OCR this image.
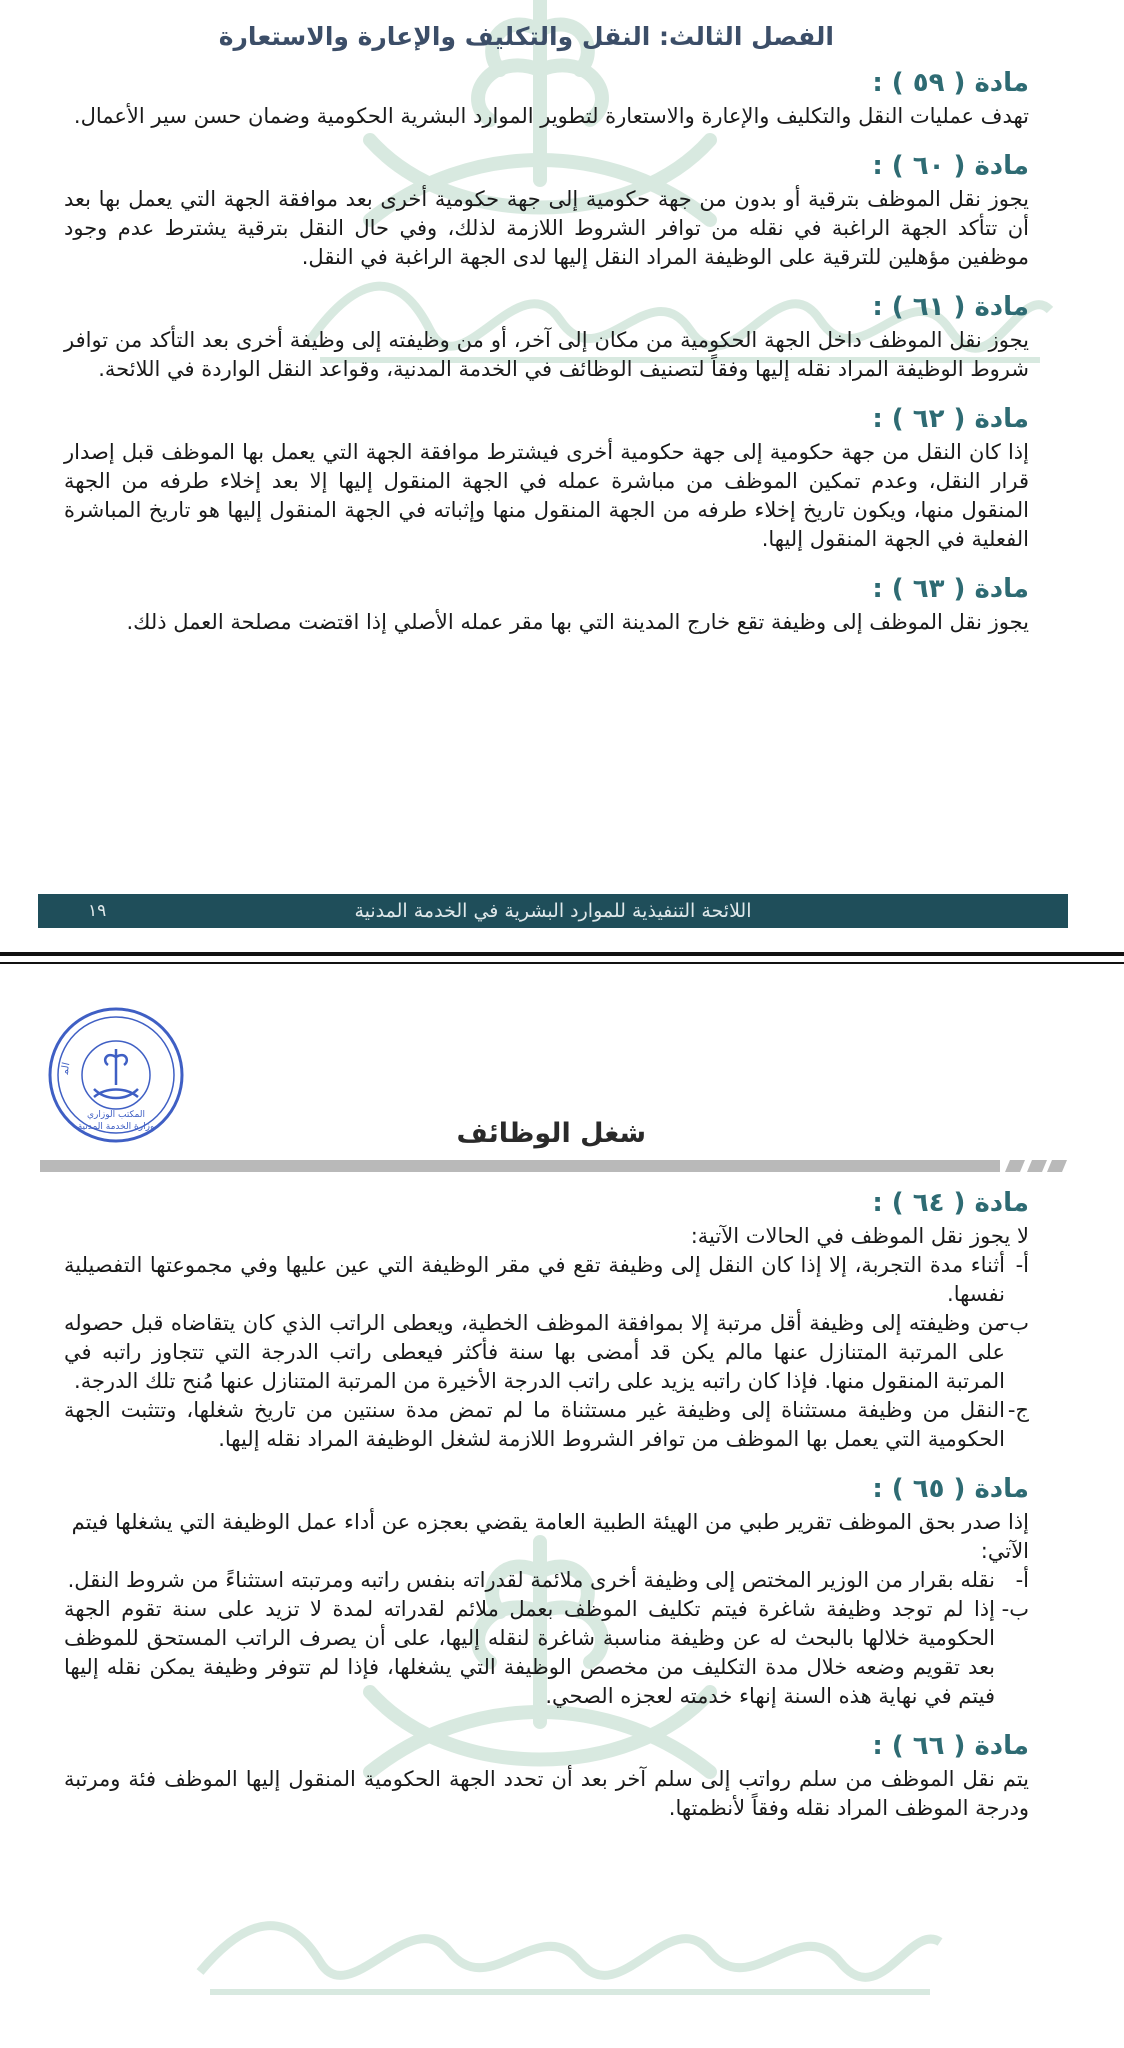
الفصل الثالث: النقل والتكليف والإعارة والاستعارة
مادة ( ٥٩ ) :

تهدف عمليات النقل والتكليف والإعارة والاستعارة لتطوير الموارد البشرية الحكومية وضمان حسن سير الأعمال.

مادة ( ٦٠ ) :

يجوز نقل الموظف بترقية أو بدون من جهة حكومية إلى جهة حكومية أخرى بعد موافقة الجهة التي يعمل بها بعد أن تتأكد الجهة الراغبة في نقله من توافر الشروط اللازمة لذلك، وفي حال النقل بترقية يشترط عدم وجود موظفين مؤهلين للترقية على الوظيفة المراد النقل إليها لدى الجهة الراغبة في النقل.

مادة ( ٦١ ) :

يجوز نقل الموظف داخل الجهة الحكومية من مكان إلى آخر، أو من وظيفته إلى وظيفة أخرى بعد التأكد من توافر شروط الوظيفة المراد نقله إليها وفقاً لتصنيف الوظائف في الخدمة المدنية، وقواعد النقل الواردة في اللائحة.

مادة ( ٦٢ ) :

إذا كان النقل من جهة حكومية إلى جهة حكومية أخرى فيشترط موافقة الجهة التي يعمل بها الموظف قبل إصدار قرار النقل، وعدم تمكين الموظف من مباشرة عمله في الجهة المنقول إليها إلا بعد إخلاء طرفه من الجهة المنقول منها، ويكون تاريخ إخلاء طرفه من الجهة المنقول منها وإثباته في الجهة المنقول إليها هو تاريخ المباشرة الفعلية في الجهة المنقول إليها.

مادة ( ٦٣ ) :

يجوز نقل الموظف إلى وظيفة تقع خارج المدينة التي بها مقر عمله الأصلي إذا اقتضت مصلحة العمل ذلك.

اللائحة التنفيذية للموارد البشرية في الخدمة المدنية
١٩
الم
المكتب الوزاري
وزارة الخدمة المدنية	شغل الوظائف
مادة ( ٦٤ ) :

لا يجوز نقل الموظف في الحالات الآتية:

أ-
أثناء مدة التجربة، إلا إذا كان النقل إلى وظيفة تقع في مقر الوظيفة التي عين عليها وفي مجموعتها التفصيلية نفسها.
ب-
من وظيفته إلى وظيفة أقل مرتبة إلا بموافقة الموظف الخطية، ويعطى الراتب الذي كان يتقاضاه قبل حصوله على المرتبة المتنازل عنها مالم يكن قد أمضى بها سنة فأكثر فيعطى راتب الدرجة التي تتجاوز راتبه في المرتبة المنقول منها. فإذا كان راتبه يزيد على راتب الدرجة الأخيرة من المرتبة المتنازل عنها مُنح تلك الدرجة.
ج-
النقل من وظيفة مستثناة إلى وظيفة غير مستثناة ما لم تمض مدة سنتين من تاريخ شغلها، وتتثبت الجهة الحكومية التي يعمل بها الموظف من توافر الشروط اللازمة لشغل الوظيفة المراد نقله إليها.
مادة ( ٦٥ ) :

إذا صدر بحق الموظف تقرير طبي من الهيئة الطبية العامة يقضي بعجزه عن أداء عمل الوظيفة التي يشغلها فيتم الآتي:

أ-
نقله بقرار من الوزير المختص إلى وظيفة أخرى ملائمة لقدراته بنفس راتبه ومرتبته استثناءً من شروط النقل.
ب-
إذا لم توجد وظيفة شاغرة فيتم تكليف الموظف بعمل ملائم لقدراته لمدة لا تزيد على سنة تقوم الجهة الحكومية خلالها بالبحث له عن وظيفة مناسبة شاغرة لنقله إليها، على أن يصرف الراتب المستحق للموظف بعد تقويم وضعه خلال مدة التكليف من مخصص الوظيفة التي يشغلها، فإذا لم تتوفر وظيفة يمكن نقله إليها فيتم في نهاية هذه السنة إنهاء خدمته لعجزه الصحي.
مادة ( ٦٦ ) :

يتم نقل الموظف من سلم رواتب إلى سلم آخر بعد أن تحدد الجهة الحكومية المنقول إليها الموظف فئة ومرتبة ودرجة الموظف المراد نقله وفقاً لأنظمتها.
